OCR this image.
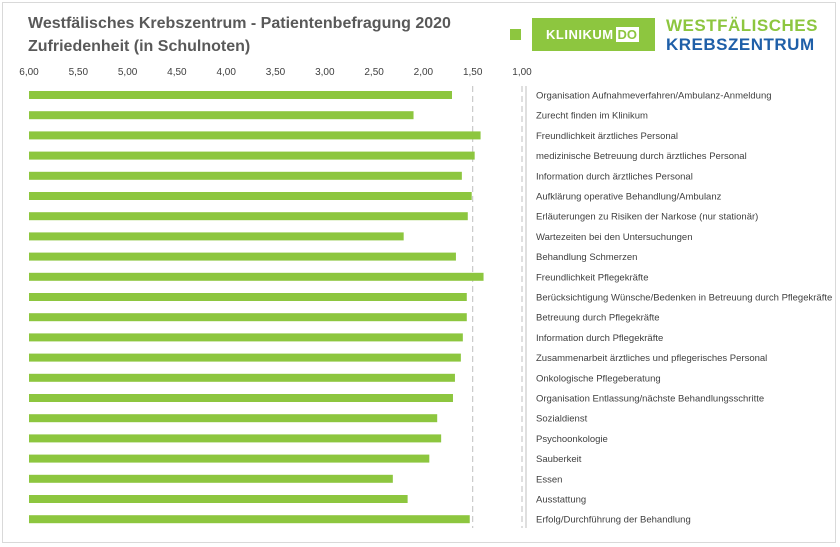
Westfälisches Krebszentrum - Patientenbefragung 2020
Zufriedenheit (in Schulnoten)
KLINIKUM DO WESTFÄLISCHES
KREBSZENTRUM
6,00	5,50	5,00	4,50	4,00	3,50	3,00	2,50	2,00	1,50	1,00
Organisation Aufnahmeverfahren/Ambulanz-Anmeldung
Zurecht finden im Klinikum
Freundlichkeit ärztliches Personal
medizinische Betreuung durch ärztliches Personal
Information durch ärztliches Personal
Aufklärung operative Behandlung/Ambulanz
Erläuterungen zu Risiken der Narkose (nur stationär)
Wartezeiten bei den Untersuchungen
Behandlung Schmerzen
Freundlichkeit Pflegekräfte
Berücksichtigung Wünsche/Bedenken in Betreuung durch Pflegekräfte
Betreuung durch Pflegekräfte
Information durch Pflegekräfte
Zusammenarbeit ärztliches und pflegerisches Personal
Onkologische Pflegeberatung
Organisation Entlassung/nächste Behandlungsschritte
Sozialdienst
Psychoonkologie
Sauberkeit
Essen
Ausstattung
Erfolg/Durchführung der Behandlung
